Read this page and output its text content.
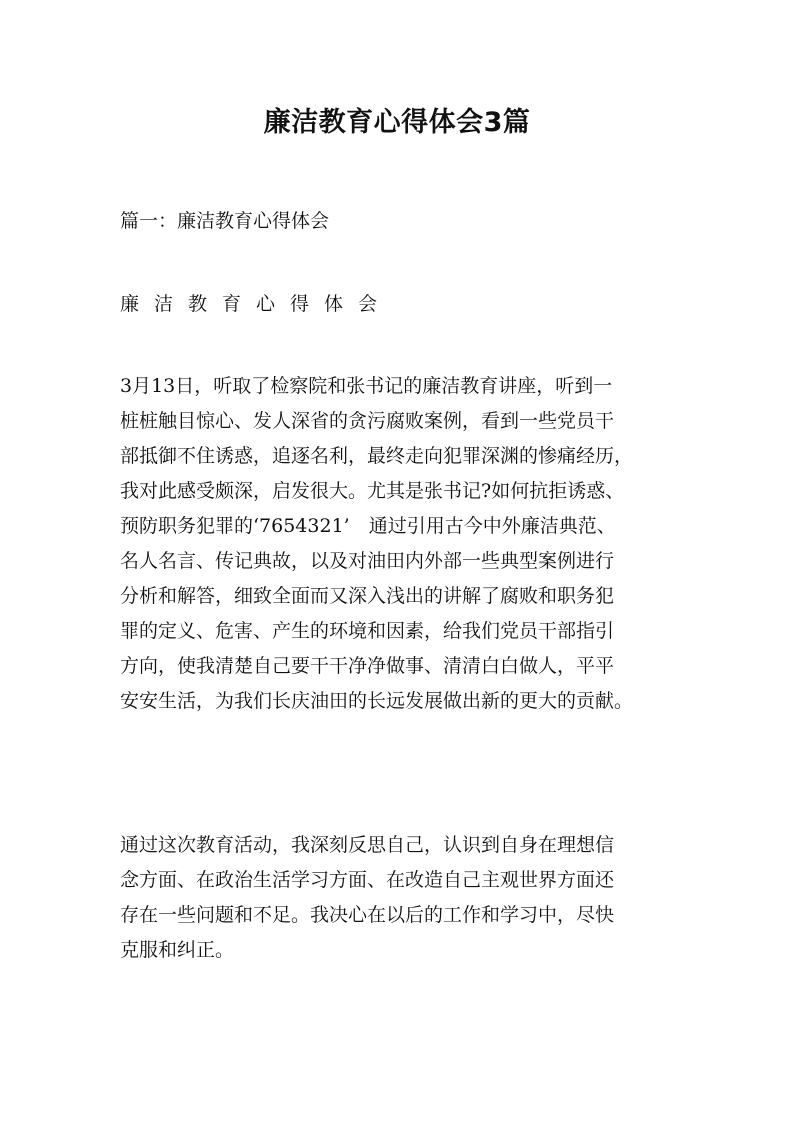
廉洁教育心得体会3篇
篇一：廉洁教育心得体会
廉洁教育心得体会
3月13日，听取了检察院和张书记的廉洁教育讲座，听到一
桩桩触目惊心、发人深省的贪污腐败案例，看到一些党员干
部抵御不住诱惑，追逐名利，最终走向犯罪深渊的惨痛经历，
我对此感受颇深，启发很大。尤其是张书记?如何抗拒诱惑、
预防职务犯罪的‘7654321’　通过引用古今中外廉洁典范、
名人名言、传记典故，以及对油田内外部一些典型案例进行
分析和解答，细致全面而又深入浅出的讲解了腐败和职务犯
罪的定义、危害、产生的环境和因素，给我们党员干部指引
方向，使我清楚自己要干干净净做事、清清白白做人，平平
安安生活，为我们长庆油田的长远发展做出新的更大的贡献。
通过这次教育活动，我深刻反思自己，认识到自身在理想信
念方面、在政治生活学习方面、在改造自己主观世界方面还
存在一些问题和不足。我决心在以后的工作和学习中，尽快
克服和纠正。
